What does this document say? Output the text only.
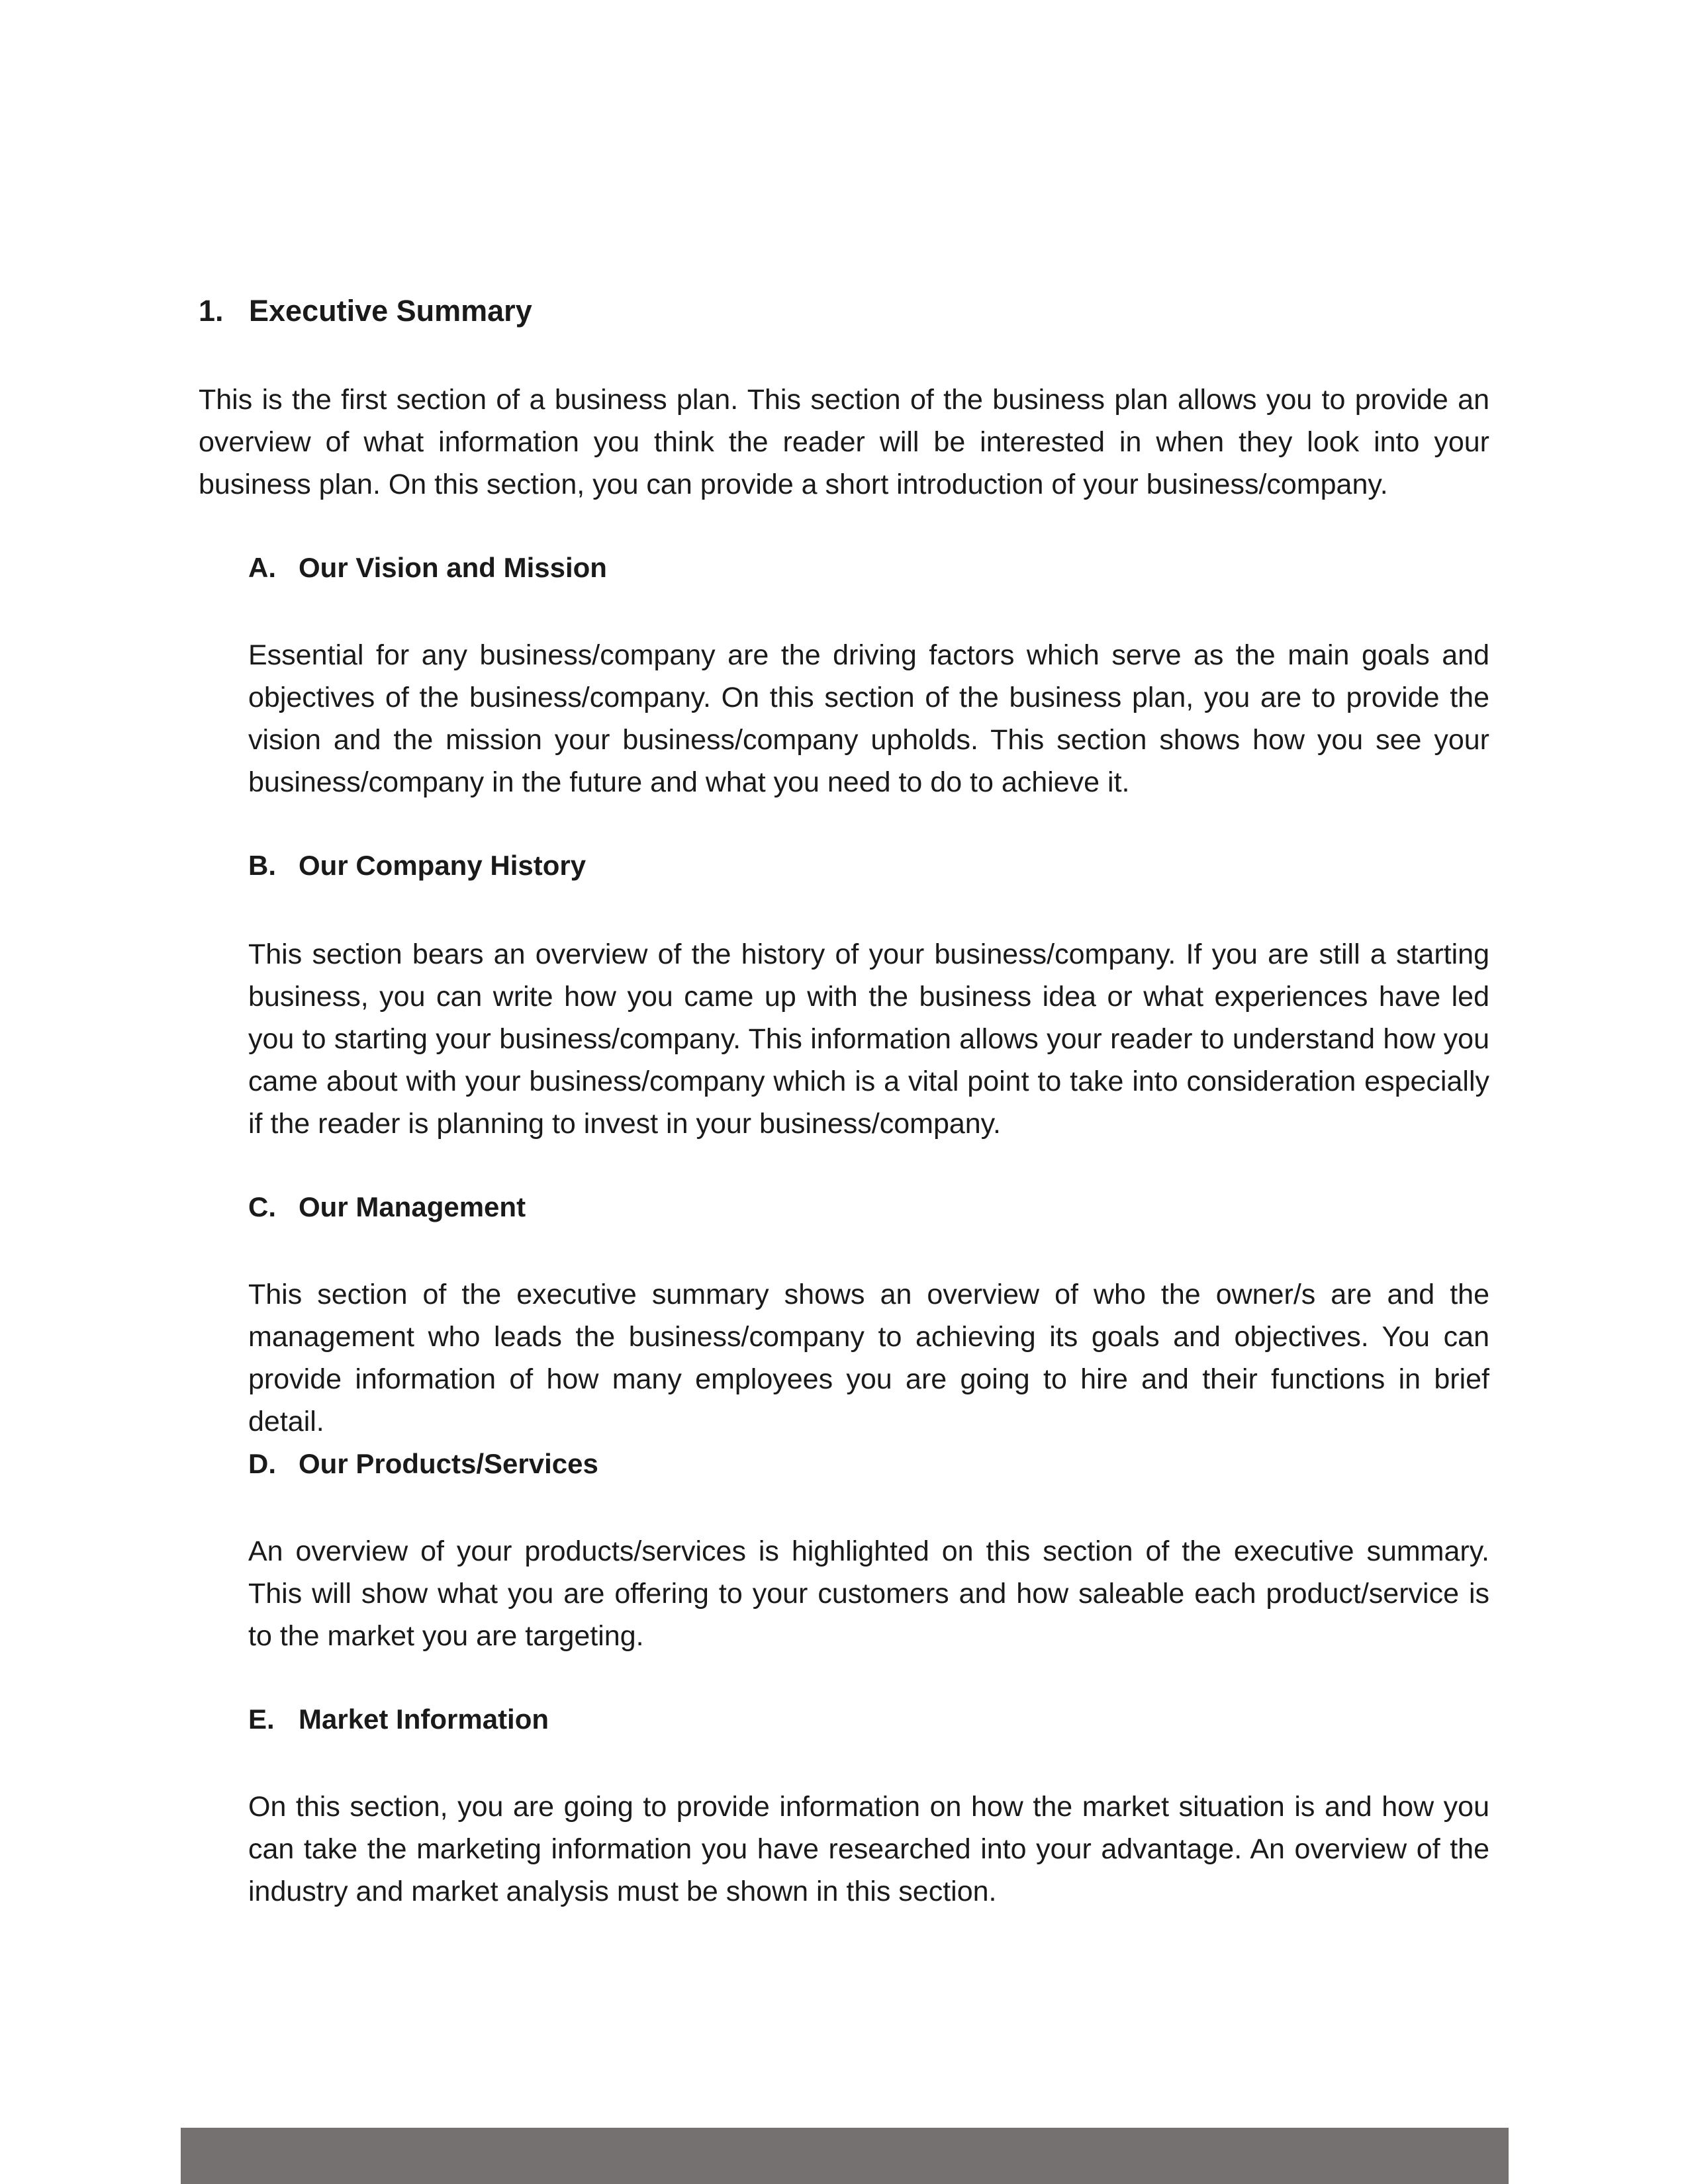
1. Executive Summary
This is the first section of a business plan. This section of the business plan allows you to provide an overview of what information you think the reader will be interested in when they look into your business plan. On this section, you can provide a short introduction of your business/company.
A. Our Vision and Mission
Essential for any business/company are the driving factors which serve as the main goals and objectives of the business/company. On this section of the business plan, you are to provide the vision and the mission your business/company upholds. This section shows how you see your business/company in the future and what you need to do to achieve it.
B. Our Company History
This section bears an overview of the history of your business/company. If you are still a starting business, you can write how you came up with the business idea or what experiences have led you to starting your business/company. This information allows your reader to understand how you came about with your business/company which is a vital point to take into consideration especially if the reader is planning to invest in your business/company.
C. Our Management
This section of the executive summary shows an overview of who the owner/s are and the management who leads the business/company to achieving its goals and objectives. You can provide information of how many employees you are going to hire and their functions in brief detail.
D. Our Products/Services
An overview of your products/services is highlighted on this section of the executive summary. This will show what you are offering to your customers and how saleable each product/service is to the market you are targeting.
E. Market Information
On this section, you are going to provide information on how the market situation is and how you can take the marketing information you have researched into your advantage. An overview of the industry and market analysis must be shown in this section.
